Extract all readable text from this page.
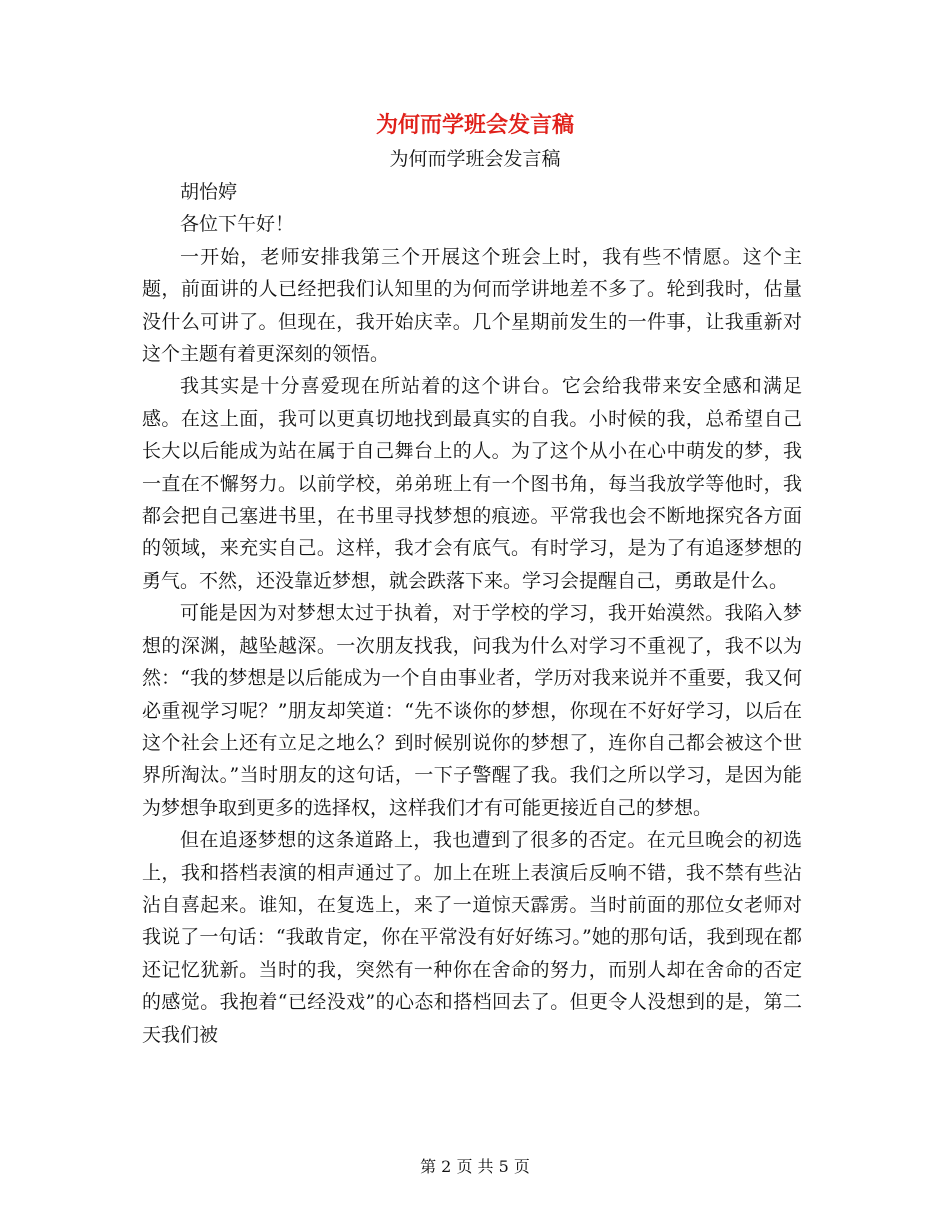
为何而学班会发言稿
为何而学班会发言稿

胡怡婷

各位下午好！

一开始，老师安排我第三个开展这个班会上时，我有些不情愿。这个主题，前面讲的人已经把我们认知里的为何而学讲地差不多了。轮到我时，估量没什么可讲了。但现在，我开始庆幸。几个星期前发生的一件事，让我重新对这个主题有着更深刻的领悟。

我其实是十分喜爱现在所站着的这个讲台。它会给我带来安全感和满足感。在这上面，我可以更真切地找到最真实的自我。小时候的我，总希望自己长大以后能成为站在属于自己舞台上的人。为了这个从小在心中萌发的梦，我一直在不懈努力。以前学校，弟弟班上有一个图书角，每当我放学等他时，我都会把自己塞进书里，在书里寻找梦想的痕迹。平常我也会不断地探究各方面的领域，来充实自己。这样，我才会有底气。有时学习，是为了有追逐梦想的勇气。不然，还没靠近梦想，就会跌落下来。学习会提醒自己，勇敢是什么。

可能是因为对梦想太过于执着，对于学校的学习，我开始漠然。我陷入梦想的深渊，越坠越深。一次朋友找我，问我为什么对学习不重视了，我不以为然：“我的梦想是以后能成为一个自由事业者，学历对我来说并不重要，我又何必重视学习呢？”朋友却笑道：“先不谈你的梦想，你现在不好好学习，以后在这个社会上还有立足之地么？到时候别说你的梦想了，连你自己都会被这个世界所淘汰。”当时朋友的这句话，一下子警醒了我。我们之所以学习，是因为能为梦想争取到更多的选择权，这样我们才有可能更接近自己的梦想。

但在追逐梦想的这条道路上，我也遭到了很多的否定。在元旦晚会的初选上，我和搭档表演的相声通过了。加上在班上表演后反响不错，我不禁有些沾沾自喜起来。谁知，在复选上，来了一道惊天霹雳。当时前面的那位女老师对我说了一句话：“我敢肯定，你在平常没有好好练习。”她的那句话，我到现在都还记忆犹新。当时的我，突然有一种你在舍命的努力，而别人却在舍命的否定的感觉。我抱着“已经没戏”的心态和搭档回去了。但更令人没想到的是，第二天我们被

第 2 页 共 5 页
